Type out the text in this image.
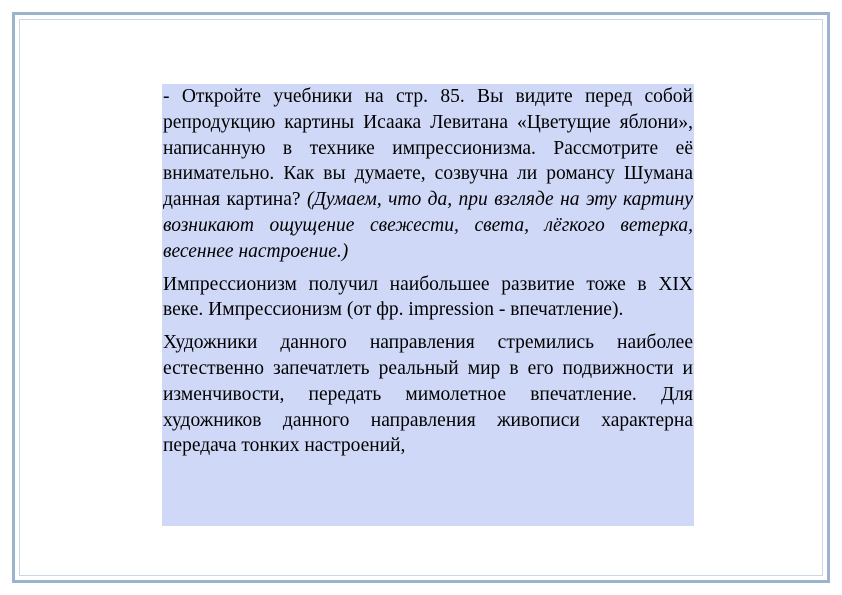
- Откройте учебники на стр. 85. Вы видите перед собой репродукцию картины Исаака Левитана «Цветущие яблони», написанную в технике импрессионизма. Рассмотрите её внимательно. Как вы думаете, созвучна ли романсу Шумана данная картина? (Думаем, что да, при взгляде на эту картину возникают ощущение свежести, света, лёгкого ветерка, весеннее настроение.)

Импрессионизм получил наибольшее развитие тоже в XIX веке. Импрессионизм (от фр. impression - впечатление).

Художники данного направления стремились наиболее естественно запечатлеть реальный мир в его подвижности и изменчивости, передать мимолетное впечатление. Для художников данного направления живописи характерна передача тонких настроений,
